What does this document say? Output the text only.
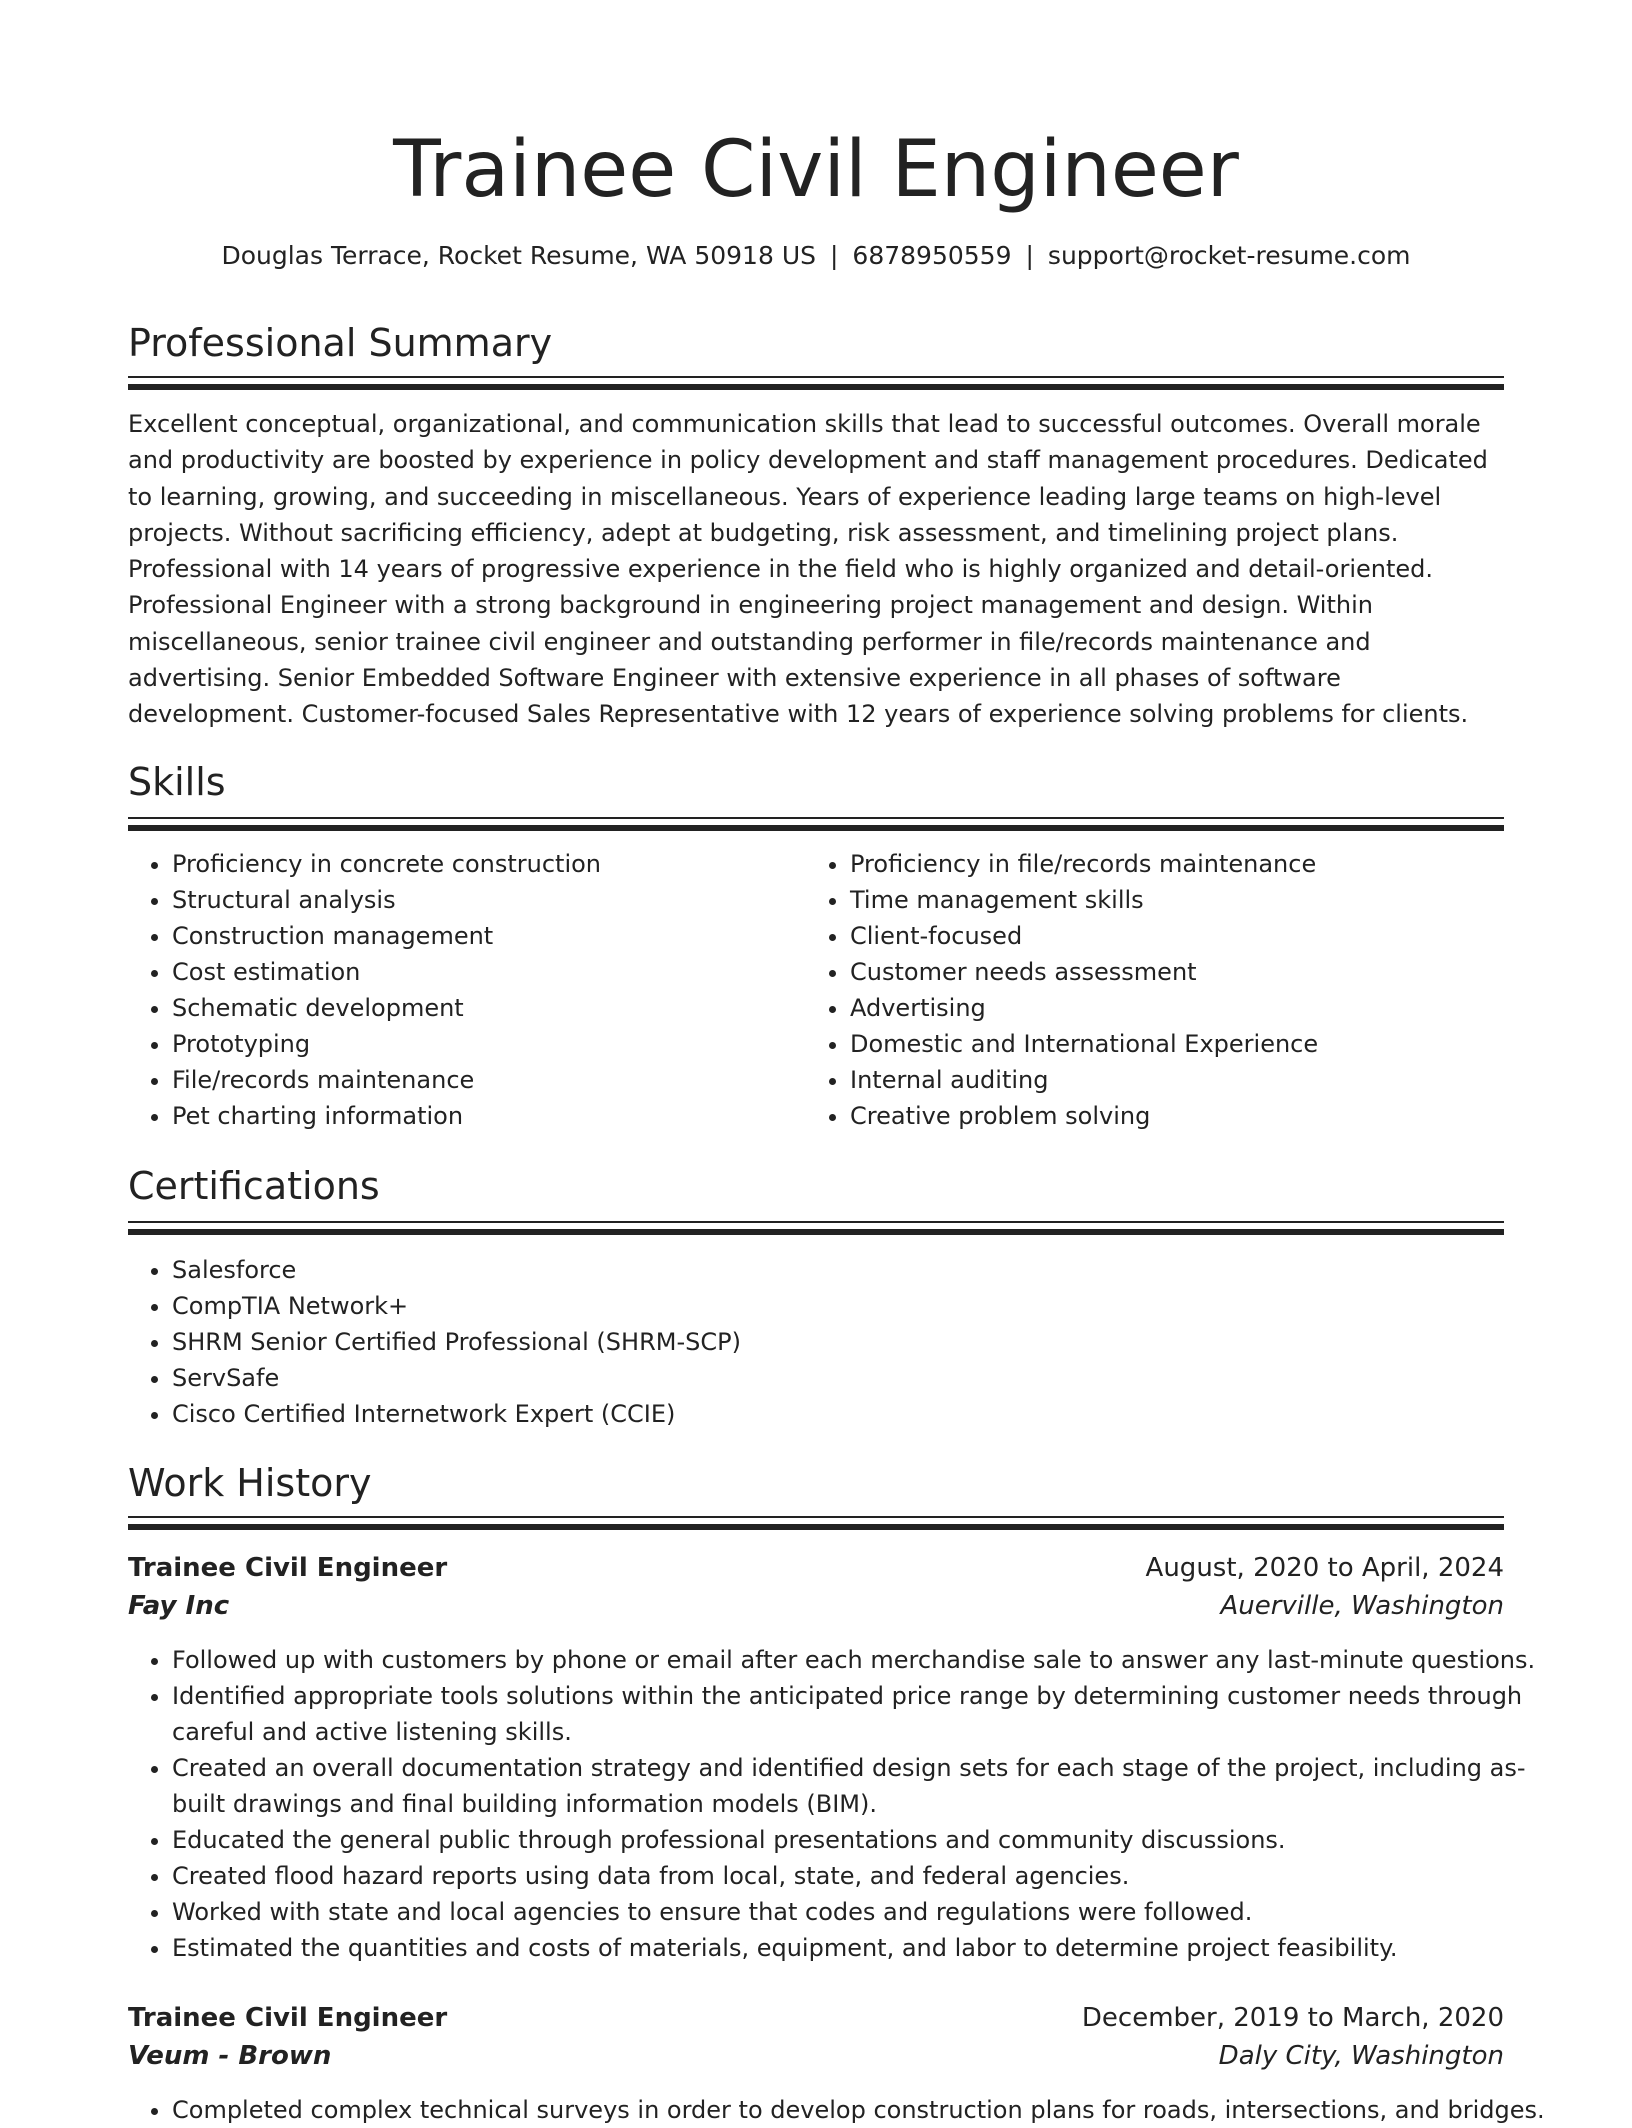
Trainee Civil Engineer
Douglas Terrace, Rocket Resume, WA 50918 US | 6878950559 | support@rocket-resume.com
Professional Summary

Excellent conceptual, organizational, and communication skills that lead to successful outcomes. Overall morale and productivity are boosted by experience in policy development and staff management procedures. Dedicated to learning, growing, and succeeding in miscellaneous. Years of experience leading large teams on high-level projects. Without sacrificing efficiency, adept at budgeting, risk assessment, and timelining project plans. Professional with 14 years of progressive experience in the field who is highly organized and detail-oriented. Professional Engineer with a strong background in engineering project management and design. Within miscellaneous, senior trainee civil engineer and outstanding performer in file/records maintenance and advertising. Senior Embedded Software Engineer with extensive experience in all phases of software development. Customer-focused Sales Representative with 12 years of experience solving problems for clients.

Skills
• Proficiency in concrete construction
• Structural analysis
• Construction management
• Cost estimation
• Schematic development
• Prototyping
• File/records maintenance
• Pet charting information
• Proficiency in file/records maintenance
• Time management skills
• Client-focused
• Customer needs assessment
• Advertising
• Domestic and International Experience
• Internal auditing
• Creative problem solving
Certifications
• Salesforce
• CompTIA Network+
• SHRM Senior Certified Professional (SHRM-SCP)
• ServSafe
• Cisco Certified Internetwork Expert (CCIE)
Work History
Trainee Civil Engineer	August, 2020 to April, 2024
Fay Inc	Auerville, Washington
• Followed up with customers by phone or email after each merchandise sale to answer any last-minute questions.
• Identified appropriate tools solutions within the anticipated price range by determining customer needs through careful and active listening skills.
• Created an overall documentation strategy and identified design sets for each stage of the project, including as-built drawings and final building information models (BIM).
• Educated the general public through professional presentations and community discussions.
• Created flood hazard reports using data from local, state, and federal agencies.
• Worked with state and local agencies to ensure that codes and regulations were followed.
• Estimated the quantities and costs of materials, equipment, and labor to determine project feasibility.
Trainee Civil Engineer	December, 2019 to March, 2020
Veum - Brown	Daly City, Washington
• Completed complex technical surveys in order to develop construction plans for roads, intersections, and bridges.
